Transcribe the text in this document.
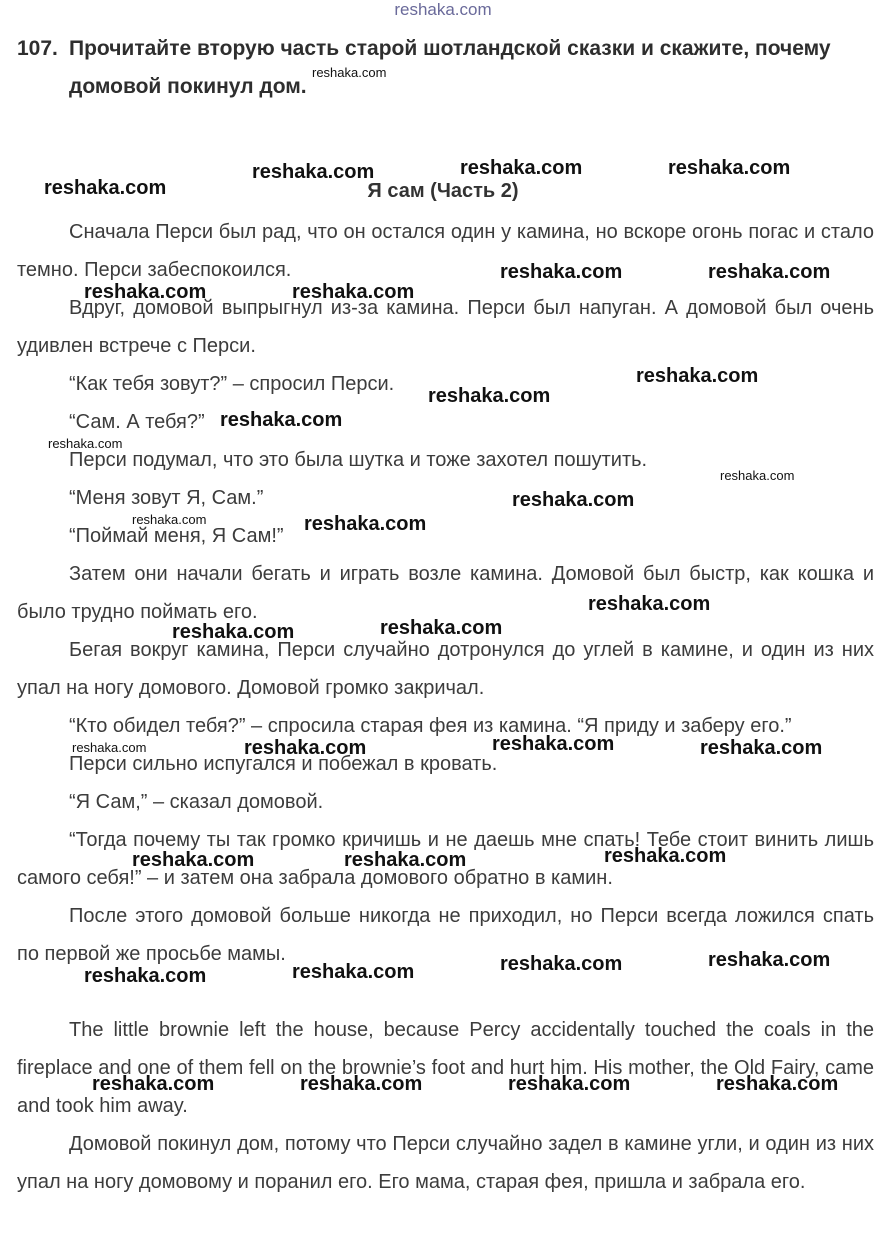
reshaka.com
107. Прочитайте вторую часть старой шотландской сказки и скажите, почему
домовой покинул дом.
Я сам (Часть 2)

Сначала Перси был рад, что он остался один у камина, но вскоре огонь погас и стало темно. Перси забеспокоился.

Вдруг, домовой выпрыгнул из-за камина. Перси был напуган. А домовой был очень удивлен встрече с Перси.

“Как тебя зовут?” – спросил Перси.

“Сам. А тебя?”

Перси подумал, что это была шутка и тоже захотел пошутить.

“Меня зовут Я, Сам.”

“Поймай меня, Я Сам!”

Затем они начали бегать и играть возле камина. Домовой был быстр, как кошка и было трудно поймать его.

Бегая вокруг камина, Перси случайно дотронулся до углей в камине, и один из них упал на ногу домового. Домовой громко закричал.

“Кто обидел тебя?” – спросила старая фея из камина. “Я приду и заберу его.”

Перси сильно испугался и побежал в кровать.

“Я Сам,” – сказал домовой.

“Тогда почему ты так громко кричишь и не даешь мне спать! Тебе стоит винить лишь самого себя!” – и затем она забрала домового обратно в камин.

После этого домовой больше никогда не приходил, но Перси всегда ложился спать по первой же просьбе мамы.

The little brownie left the house, because Percy accidentally touched the coals in the fireplace and one of them fell on the brownie’s foot and hurt him. His mother, the Old Fairy, came and took him away.

Домовой покинул дом, потому что Перси случайно задел в камине угли, и один из них упал на ногу домовому и поранил его. Его мама, старая фея, пришла и забрала его.

reshaka.com
reshaka.com	reshaka.com	reshaka.com
reshaka.com
reshaka.com	reshaka.com
reshaka.com	reshaka.com
reshaka.com
reshaka.com
reshaka.com
reshaka.com
reshaka.com
reshaka.com
reshaka.com	reshaka.com
reshaka.com
reshaka.com
reshaka.com
reshaka.com
reshaka.com	reshaka.com	reshaka.com
reshaka.com
reshaka.com	reshaka.com
reshaka.com
reshaka.com
reshaka.com
reshaka.com
reshaka.com	reshaka.com	reshaka.com	reshaka.com
